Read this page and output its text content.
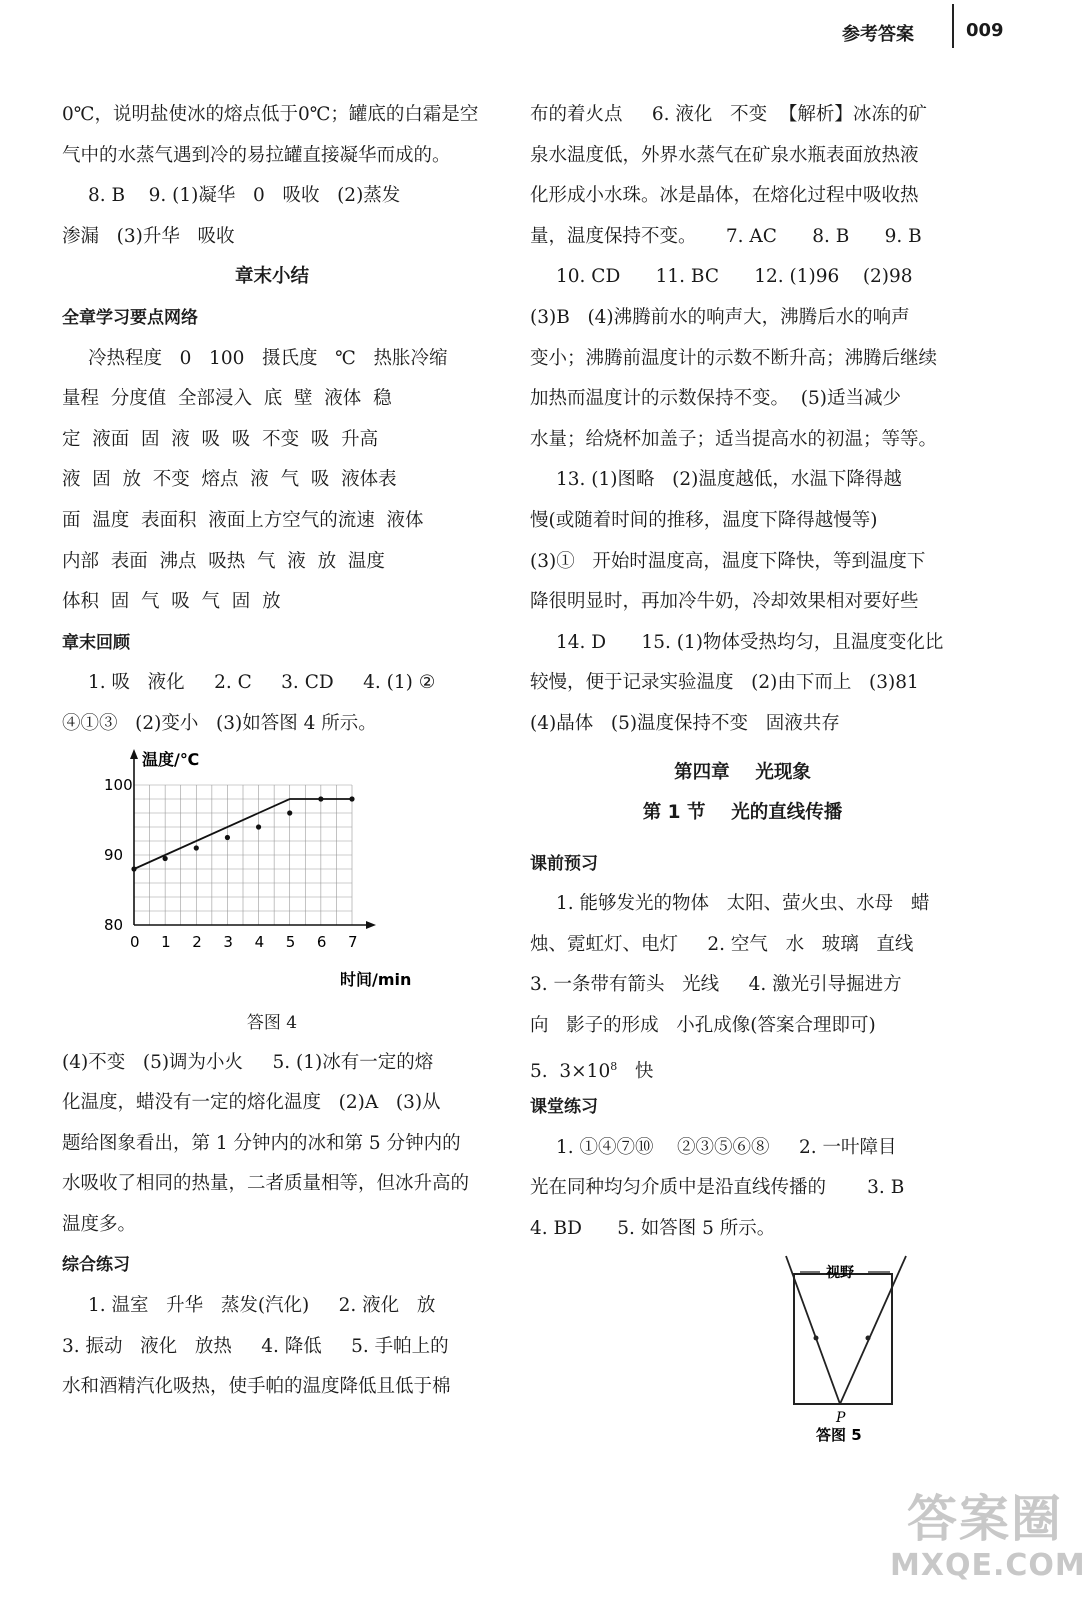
参考答案	009
0℃，说明盐使冰的熔点低于0℃；罐底的白霜是空
气中的水蒸气遇到冷的易拉罐直接凝华而成的。
8. B    9. (1)凝华   0   吸收   (2)蒸发
渗漏   (3)升华   吸收
章末小结
全章学习要点网络
冷热程度   0   100   摄氏度   ℃   热胀冷缩
量程  分度值  全部浸入  底  壁  液体  稳
定  液面  固  液  吸  吸  不变  吸  升高
液  固  放  不变  熔点  液  气  吸  液体表
面  温度  表面积  液面上方空气的流速  液体
内部  表面  沸点  吸热  气  液  放  温度
体积  固  气  吸  气  固  放
章末回顾
1. 吸   液化     2. C     3. CD     4. (1) ②
④①③   (2)变小   (3)如答图 4 所示。
0 1 2 3 4 5 6 7
80
90
100
温度/℃
时间/min
答图 4
(4)不变   (5)调为小火     5. (1)冰有一定的熔
化温度，蜡没有一定的熔化温度   (2)A   (3)从
题给图象看出，第 1 分钟内的冰和第 5 分钟内的
水吸收了相同的热量，二者质量相等，但冰升高的
温度多。
综合练习
1. 温室   升华   蒸发(汽化)     2. 液化   放
3. 振动   液化   放热     4. 降低     5. 手帕上的
水和酒精汽化吸热，使手帕的温度降低且低于棉
布的着火点     6. 液化   不变  【解析】冰冻的矿
泉水温度低，外界水蒸气在矿泉水瓶表面放热液
化形成小水珠。冰是晶体，在熔化过程中吸收热
量，温度保持不变。     7. AC      8. B      9. B
10. CD      11. BC      12. (1)96    (2)98
(3)B   (4)沸腾前水的响声大，沸腾后水的响声
变小；沸腾前温度计的示数不断升高；沸腾后继续
加热而温度计的示数保持不变。  (5)适当减少
水量；给烧杯加盖子；适当提高水的初温；等等。
13. (1)图略   (2)温度越低，水温下降得越
慢(或随着时间的推移，温度下降得越慢等)
(3)①   开始时温度高，温度下降快，等到温度下
降很明显时，再加冷牛奶，冷却效果相对要好些
14. D      15. (1)物体受热均匀，且温度变化比
较慢，便于记录实验温度   (2)由下而上   (3)81
(4)晶体   (5)温度保持不变   固液共存
第四章    光现象
第 1 节    光的直线传播
课前预习
1. 能够发光的物体   太阳、萤火虫、水母   蜡
烛、霓虹灯、电灯     2. 空气   水   玻璃   直线
3. 一条带有箭头   光线     4. 激光引导掘进方
向   影子的形成   小孔成像(答案合理即可)
5.  $3\times 10^8$   快
课堂练习
1. ①④⑦⑩    ②③⑤⑥⑧     2. 一叶障目
光在同种均匀介质中是沿直线传播的       3. B
4. BD      5. 如答图 5 所示。
视野
P
答图 5
答案圈
MXQE.COM
